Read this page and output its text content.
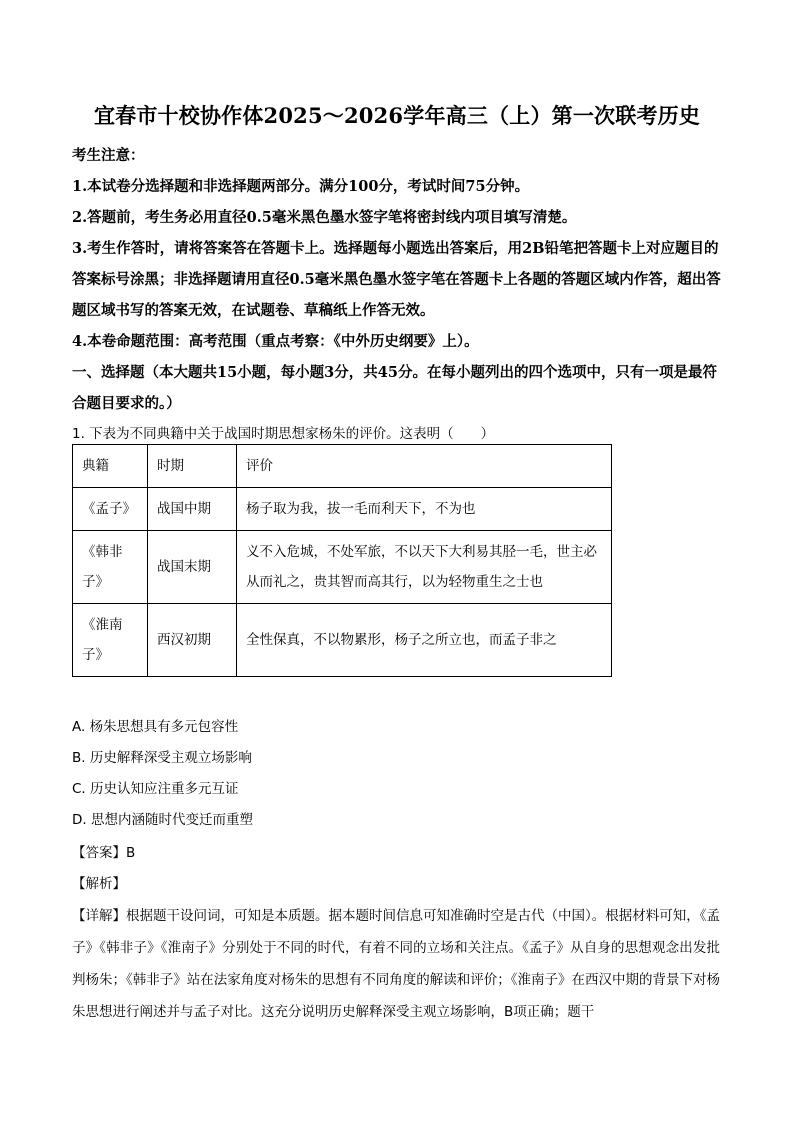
宜春市十校协作体2025～2026学年高三（上）第一次联考历史

考生注意：

1.本试卷分选择题和非选择题两部分。满分100分，考试时间75分钟。

2.答题前，考生务必用直径0.5毫米黑色墨水签字笔将密封线内项目填写清楚。

3.考生作答时，请将答案答在答题卡上。选择题每小题选出答案后，用2B铅笔把答题卡上对应题目的答案标号涂黑；非选择题请用直径0.5毫米黑色墨水签字笔在答题卡上各题的答题区域内作答，超出答题区域书写的答案无效，在试题卷、草稿纸上作答无效。

4.本卷命题范围：高考范围（重点考察：《中外历史纲要》上）。

一、选择题（本大题共15小题，每小题3分，共45分。在每小题列出的四个选项中，只有一项是最符合题目要求的。）

1. 下表为不同典籍中关于战国时期思想家杨朱的评价。这表明（　　）
典籍	时期	评价
《孟子》	战国中期	杨子取为我，拔一毛而利天下，不为也
《韩非子》	战国末期	义不入危城，不处军旅，不以天下大利易其胫一毛，世主必从而礼之，贵其智而高其行，以为轻物重生之士也
《淮南子》	西汉初期	全性保真，不以物累形，杨子之所立也，而孟子非之

A. 杨朱思想具有多元包容性

B. 历史解释深受主观立场影响

C. 历史认知应注重多元互证

D. 思想内涵随时代变迁而重塑

【答案】B

【解析】

【详解】根据题干设问词，可知是本质题。据本题时间信息可知准确时空是古代（中国）。根据材料可知，《孟子》《韩非子》《淮南子》分别处于不同的时代，有着不同的立场和关注点。《孟子》从自身的思想观念出发批判杨朱；《韩非子》站在法家角度对杨朱的思想有不同角度的解读和评价；《淮南子》在西汉中期的背景下对杨朱思想进行阐述并与孟子对比。这充分说明历史解释深受主观立场影响，B项正确；题干
